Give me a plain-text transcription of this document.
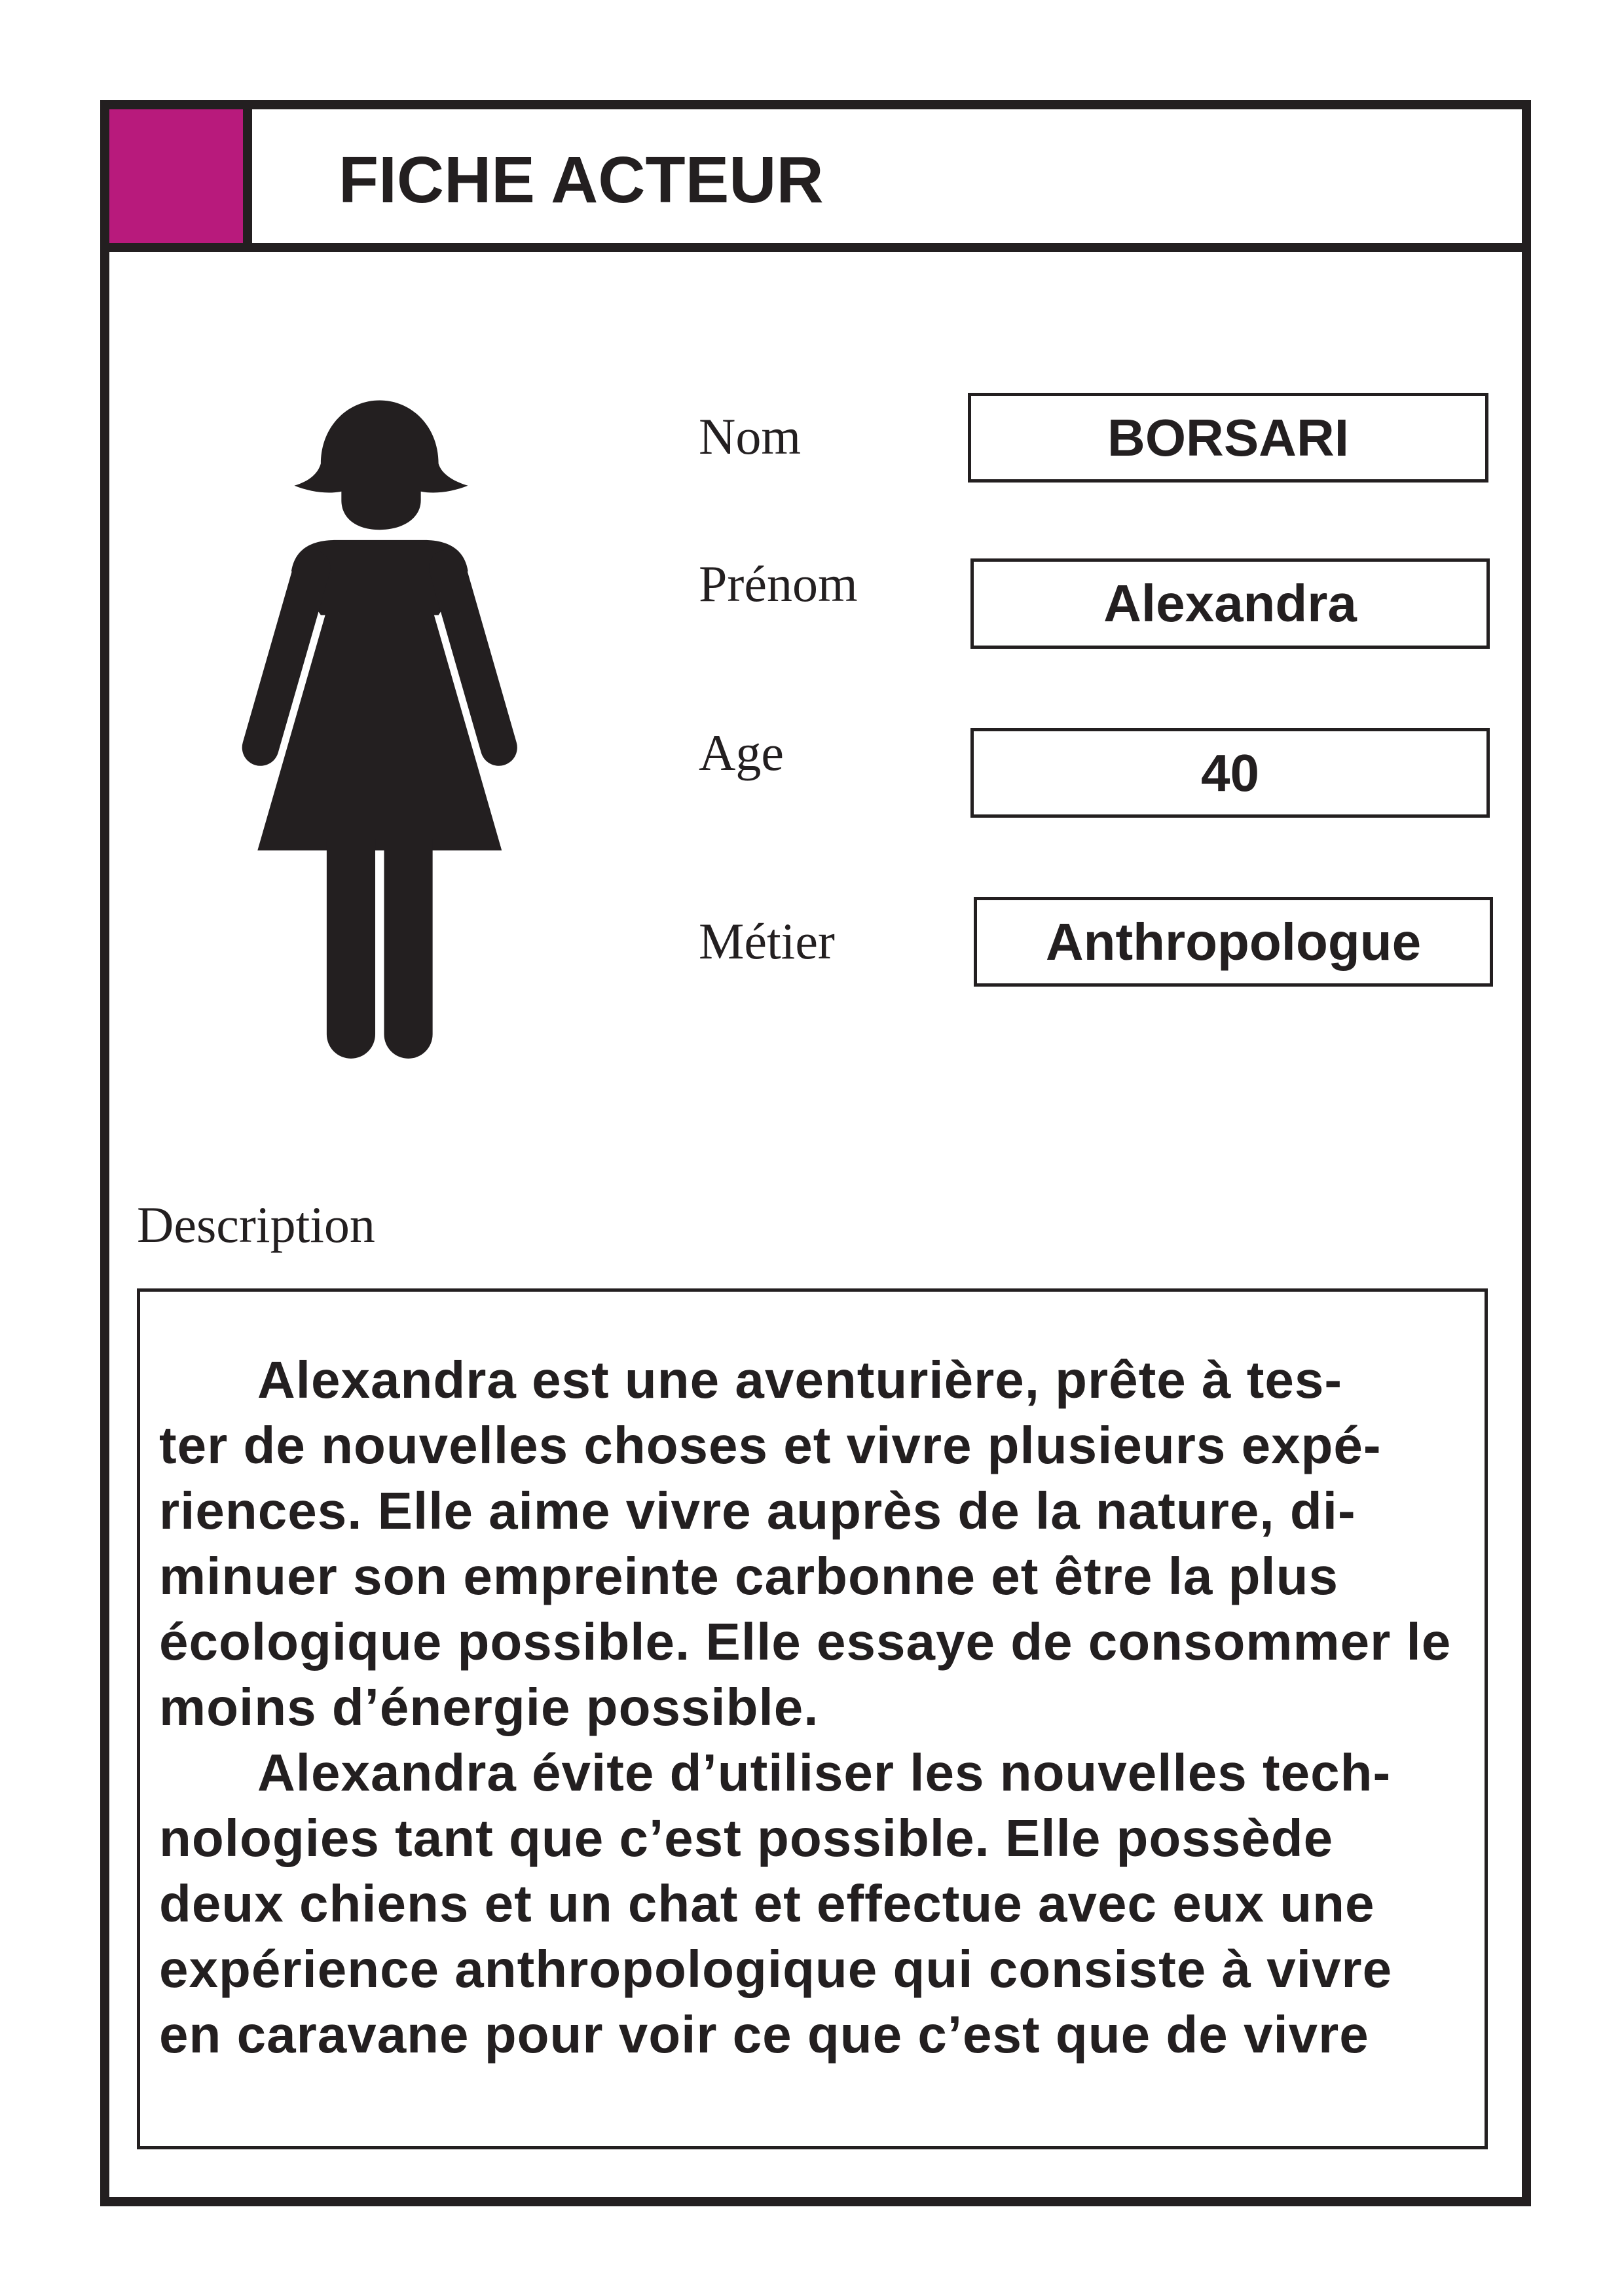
FICHE ACTEUR
Nom	BORSARI
Prénom	Alexandra
Age	40
Métier	Anthropologue
Description
Alexandra est une aventurière, prête à tes-
ter de nouvelles choses et vivre plusieurs expé-
riences. Elle aime vivre auprès de la nature, di-
minuer son empreinte carbonne et être la plus
écologique possible. Elle essaye de consommer le
moins d’énergie possible.
Alexandra évite d’utiliser les nouvelles tech-
nologies tant que c’est possible. Elle possède
deux chiens et un chat et effectue avec eux une
expérience anthropologique qui consiste à vivre
en caravane pour voir ce que c’est que de vivre
